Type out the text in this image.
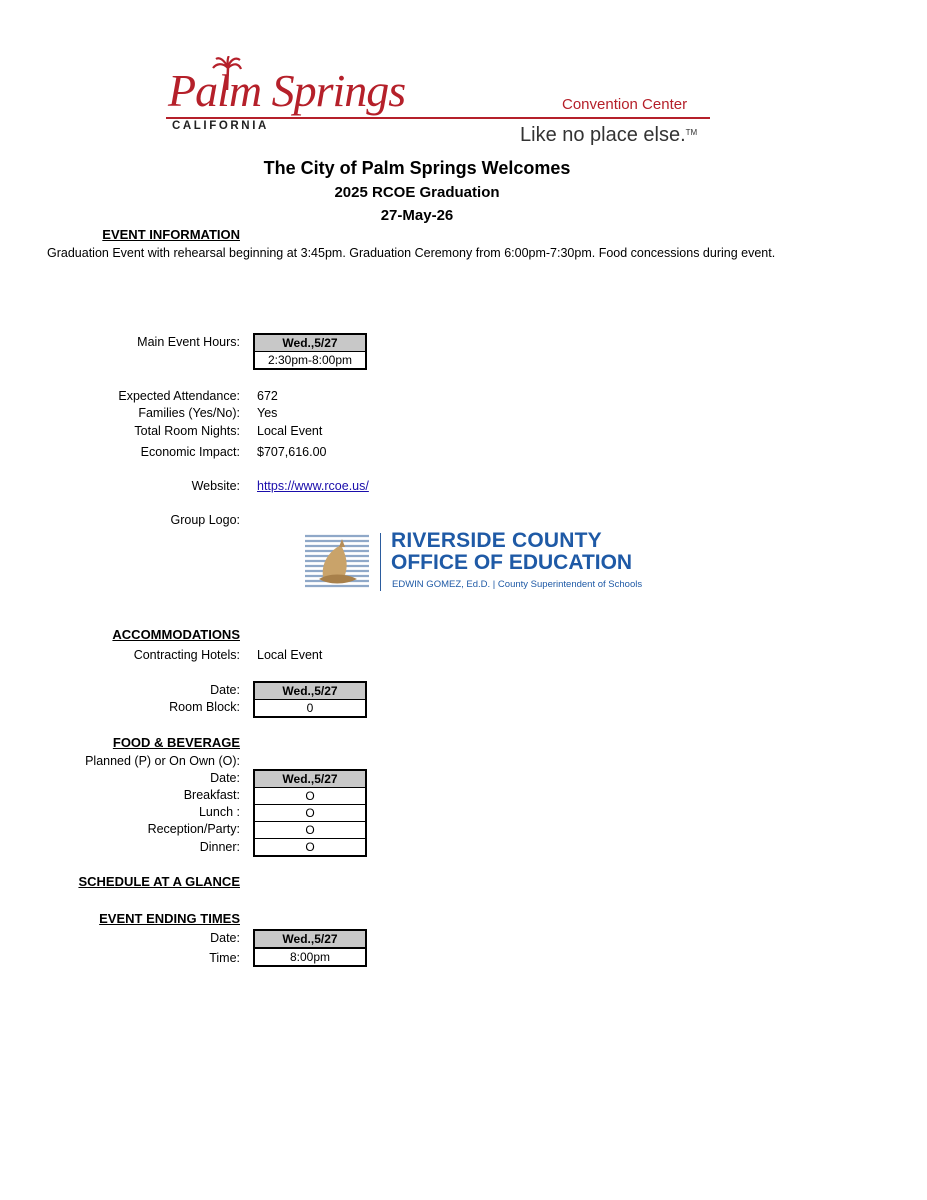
Palm Springs
CALIFORNIA
Convention Center
Like no place else.™
The City of Palm Springs Welcomes
2025 RCOE Graduation
27-May-26
EVENT INFORMATION
Graduation Event with rehearsal beginning at 3:45pm. Graduation Ceremony from 6:00pm-7:30pm. Food concessions during event.
Main Event Hours:	Wed.,5/27
2:30pm-8:00pm
Expected Attendance: 672
Families (Yes/No): Yes
Total Room Nights: Local Event
Economic Impact: $707,616.00
Website: https://www.rcoe.us/
Group Logo:
RIVERSIDE COUNTY
OFFICE OF EDUCATION
EDWIN GOMEZ, Ed.D. | County Superintendent of Schools
ACCOMMODATIONS
Contracting Hotels: Local Event
Date:	Wed.,5/27
Room Block:	0
FOOD & BEVERAGE
Planned (P) or On Own (O):
Date:	Wed.,5/27
Breakfast:	O
Lunch :	O
Reception/Party:	O
Dinner:	O
SCHEDULE AT A GLANCE
EVENT ENDING TIMES
Date:	Wed.,5/27
Time:	8:00pm
